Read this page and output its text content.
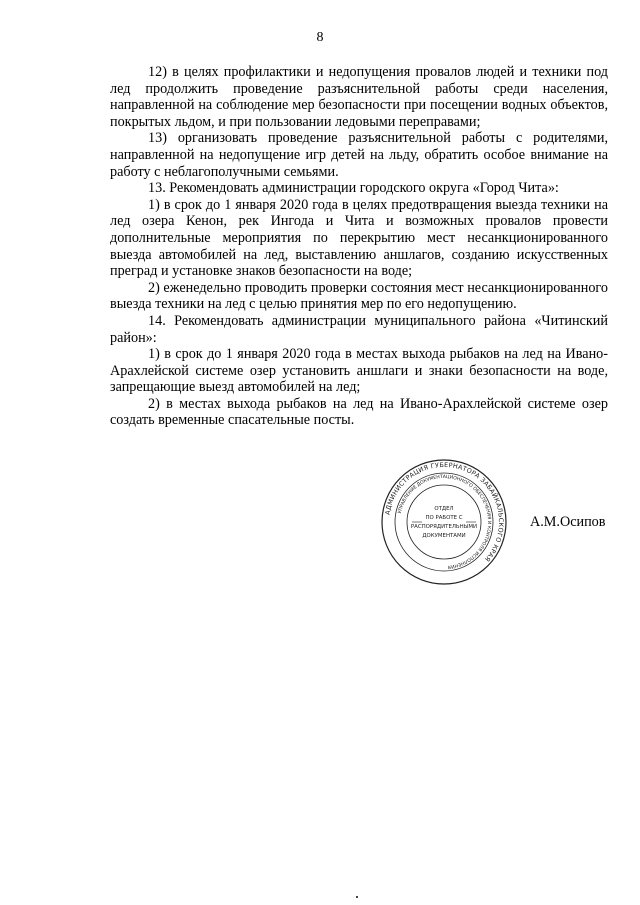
8

12) в целях профилактики и недопущения провалов людей и техники под лед продолжить проведение разъяснительной работы среди населения, направленной на соблюдение мер безопасности при посещении водных объектов, покрытых льдом, и при пользовании ледовыми переправами;

13) организовать проведение разъяснительной работы с родителями, направленной на недопущение игр детей на льду, обратить особое внимание на работу с неблагополучными семьями.

13. Рекомендовать администрации городского округа «Город Чита»:

1) в срок до 1 января 2020 года в целях предотвращения выезда техники на лед озера Кенон, рек Ингода и Чита и возможных провалов провести дополнительные мероприятия по перекрытию мест несанкционированного выезда автомобилей на лед, выставлению аншлагов, созданию искусственных преград и установке знаков безопасности на воде;

2) еженедельно проводить проверки состояния мест несанкционированного выезда техники на лед с целью принятия мер по его недопущению.

14. Рекомендовать администрации муниципального района «Читинский район»:

1) в срок до 1 января 2020 года в местах выхода рыбаков на лед на Ивано-Арахлейской системе озер установить аншлаги и знаки безопасности на воде, запрещающие выезд автомобилей на лед;

2) в местах выхода рыбаков на лед на Ивано-Арахлейской системе озер создать временные спасательные посты.

АДМИНИСТРАЦИЯ ГУБЕРНАТОРА ЗАБАЙКАЛЬСКОГО КРАЯ
УПРАВЛЕНИЕ ДОКУМЕНТАЦИОННОГО ОБЕСПЕЧЕНИЯ И КОНТРОЛЯ ИСПОЛНЕНИЯ
ОТДЕЛ
ПО РАБОТЕ С
РАСПОРЯДИТЕЛЬНЫМИ
ДОКУМЕНТАМИ
А.М.Осипов
